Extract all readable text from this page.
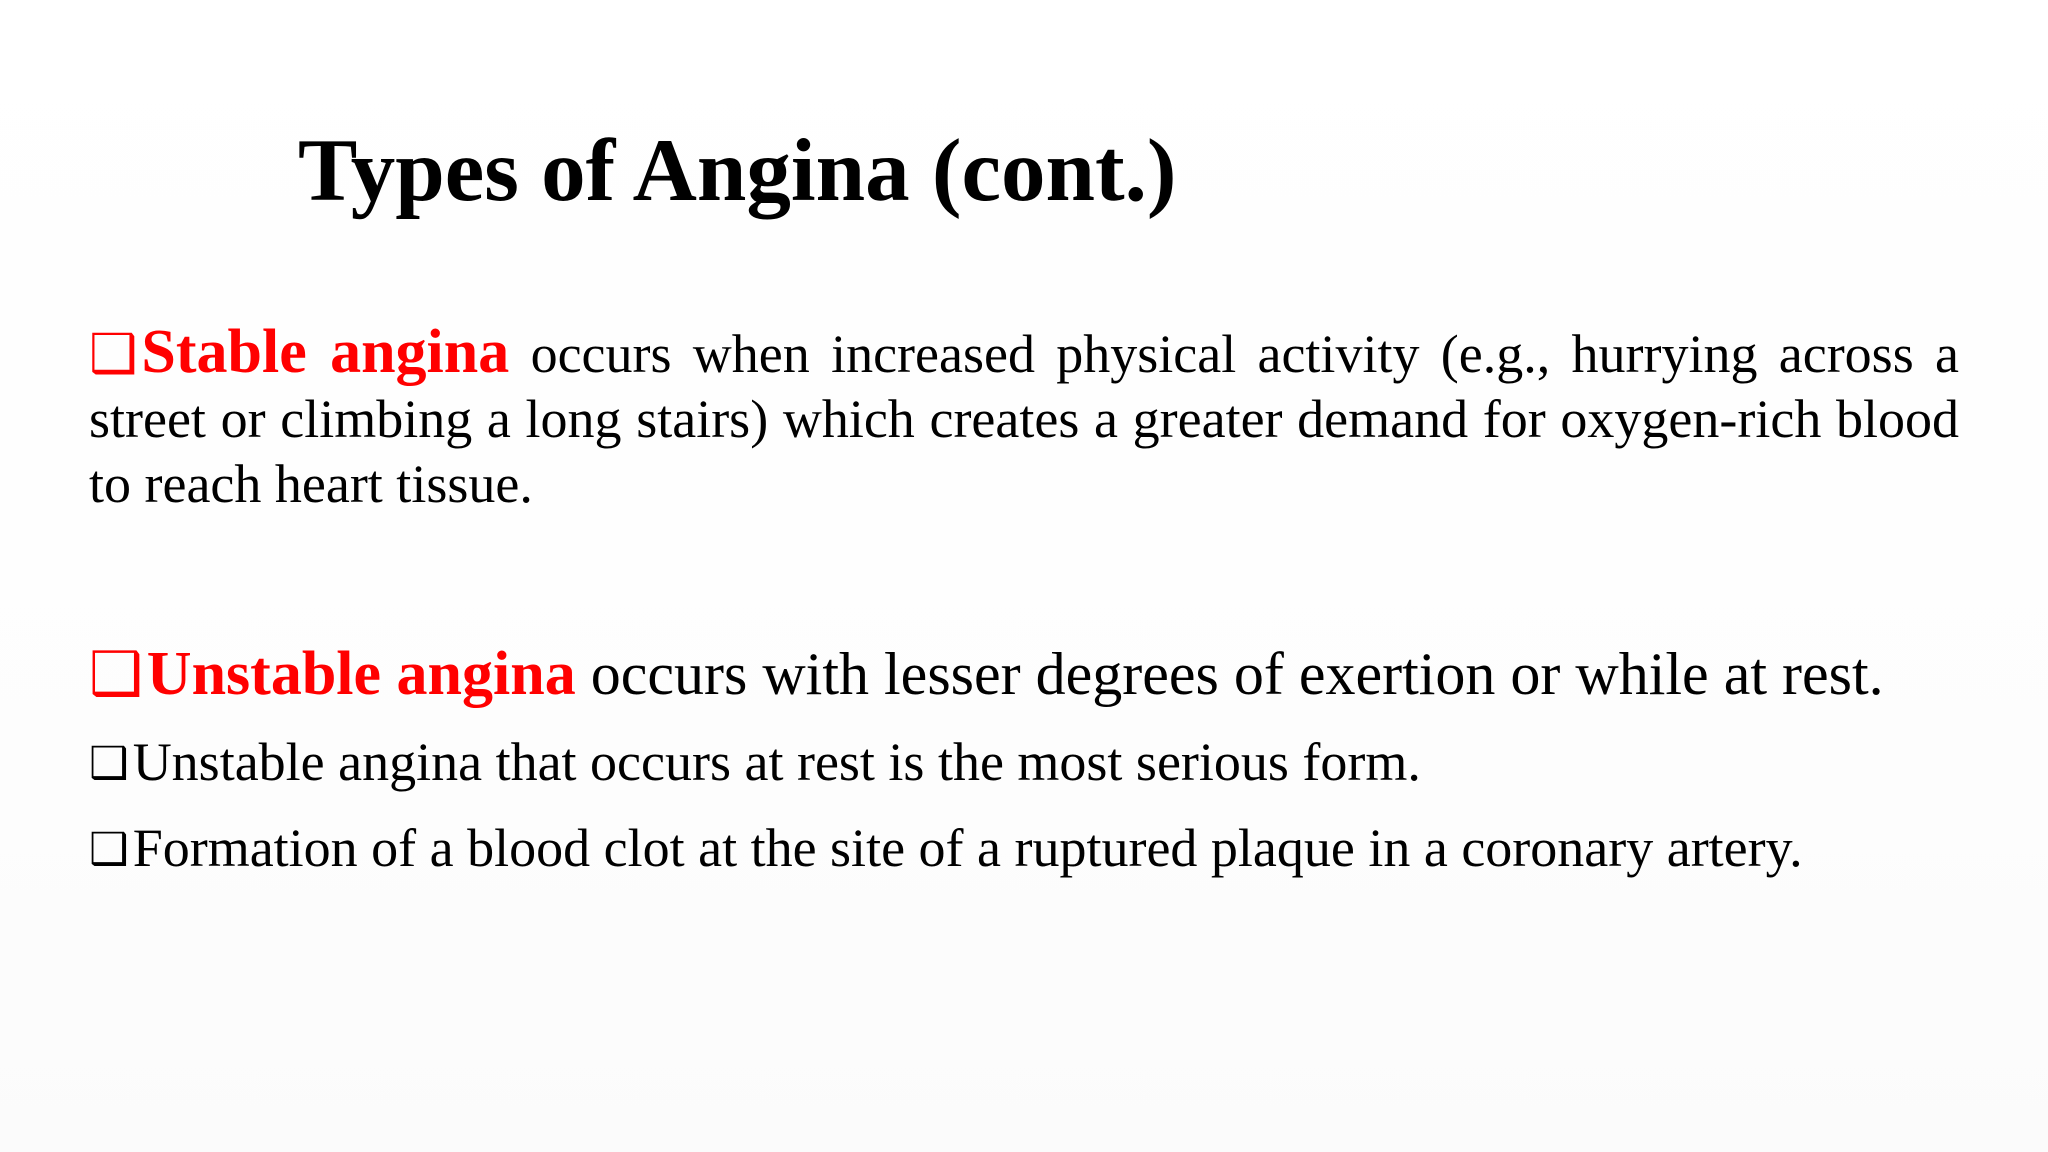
Types of Angina (cont.)
❑Stable angina occurs when increased physical activity (e.g., hurrying across a street or climbing a long stairs) which creates a greater demand for oxygen-rich blood to reach heart tissue.
❑Unstable angina occurs with lesser degrees of exertion or while at rest.
❑Unstable angina that occurs at rest is the most serious form.
❑Formation of a blood clot at the site of a ruptured plaque in a coronary artery.
